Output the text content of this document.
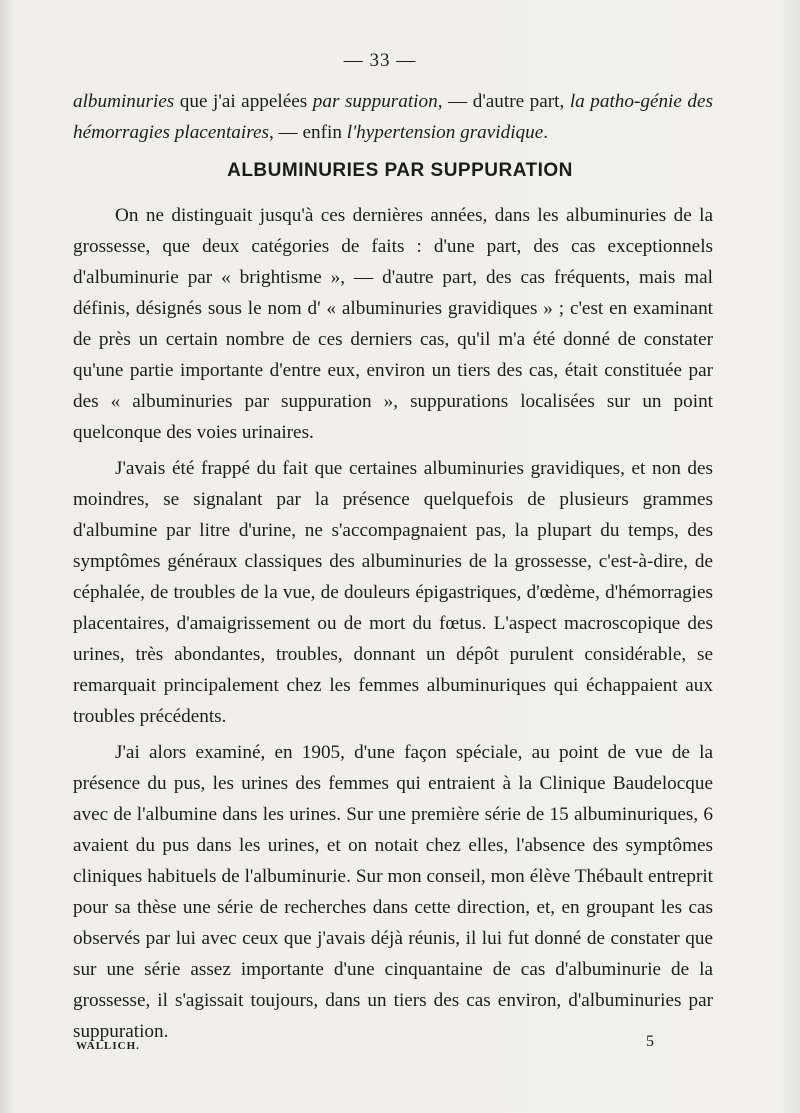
— 33 —
albuminuries que j'ai appelées par suppuration, — d'autre part, la patho-génie des hémorragies placentaires, — enfin l'hypertension gravidique.
ALBUMINURIES PAR SUPPURATION

On ne distinguait jusqu'à ces dernières années, dans les albuminuries de la grossesse, que deux catégories de faits : d'une part, des cas exceptionnels d'albuminurie par « brightisme », — d'autre part, des cas fréquents, mais mal définis, désignés sous le nom d' « albuminuries gravidiques » ; c'est en examinant de près un certain nombre de ces derniers cas, qu'il m'a été donné de constater qu'une partie importante d'entre eux, environ un tiers des cas, était constituée par des « albuminuries par suppuration », suppurations localisées sur un point quelconque des voies urinaires.

J'avais été frappé du fait que certaines albuminuries gravidiques, et non des moindres, se signalant par la présence quelquefois de plusieurs grammes d'albumine par litre d'urine, ne s'accompagnaient pas, la plupart du temps, des symptômes généraux classiques des albuminuries de la grossesse, c'est-à-dire, de céphalée, de troubles de la vue, de douleurs épigastriques, d'œdème, d'hémorragies placentaires, d'amaigrissement ou de mort du fœtus. L'aspect macroscopique des urines, très abondantes, troubles, donnant un dépôt purulent considérable, se remarquait principalement chez les femmes albuminuriques qui échappaient aux troubles précédents.

J'ai alors examiné, en 1905, d'une façon spéciale, au point de vue de la présence du pus, les urines des femmes qui entraient à la Clinique Baudelocque avec de l'albumine dans les urines. Sur une première série de 15 albuminuriques, 6 avaient du pus dans les urines, et on notait chez elles, l'absence des symptômes cliniques habituels de l'albuminurie. Sur mon conseil, mon élève Thébault entreprit pour sa thèse une série de recherches dans cette direction, et, en groupant les cas observés par lui avec ceux que j'avais déjà réunis, il lui fut donné de constater que sur une série assez importante d'une cinquantaine de cas d'albuminurie de la grossesse, il s'agissait toujours, dans un tiers des cas environ, d'albuminuries par suppuration.

WALLICH.	5
